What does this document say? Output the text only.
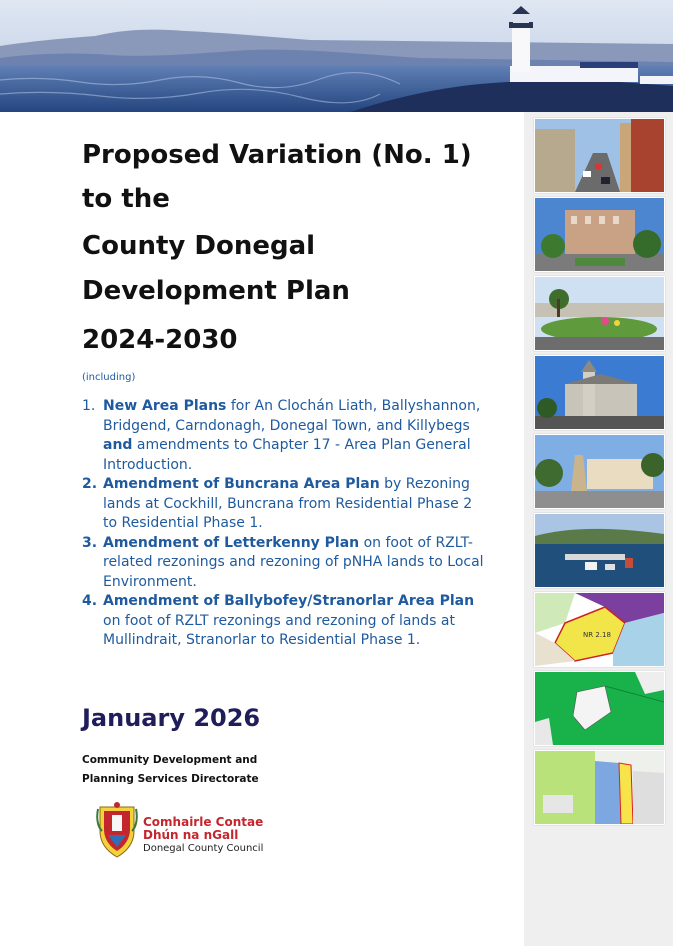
NR 2.18
Proposed Variation (No. 1)
to the
County Donegal
Development Plan
2024-2030
(including)
1. New Area Plans for An Clochán Liath, Ballyshannon, Bridgend, Carndonagh, Donegal Town, and Killybegs and amendments to Chapter 17 - Area Plan General Introduction.
2. Amendment of Buncrana Area Plan by Rezoning lands at Cockhill, Buncrana from Residential Phase 2 to Residential Phase 1.
3. Amendment of Letterkenny Plan on foot of RZLT-related rezonings and rezoning of pNHA lands to Local Environment.
4. Amendment of Ballybofey/Stranorlar Area Plan on foot of RZLT rezonings and rezoning of lands at Mullindrait, Stranorlar to Residential Phase 1.
January 2026
Community Development and
Planning Services Directorate
Comhairle Contae
Dhún na nGall
Donegal County Council
